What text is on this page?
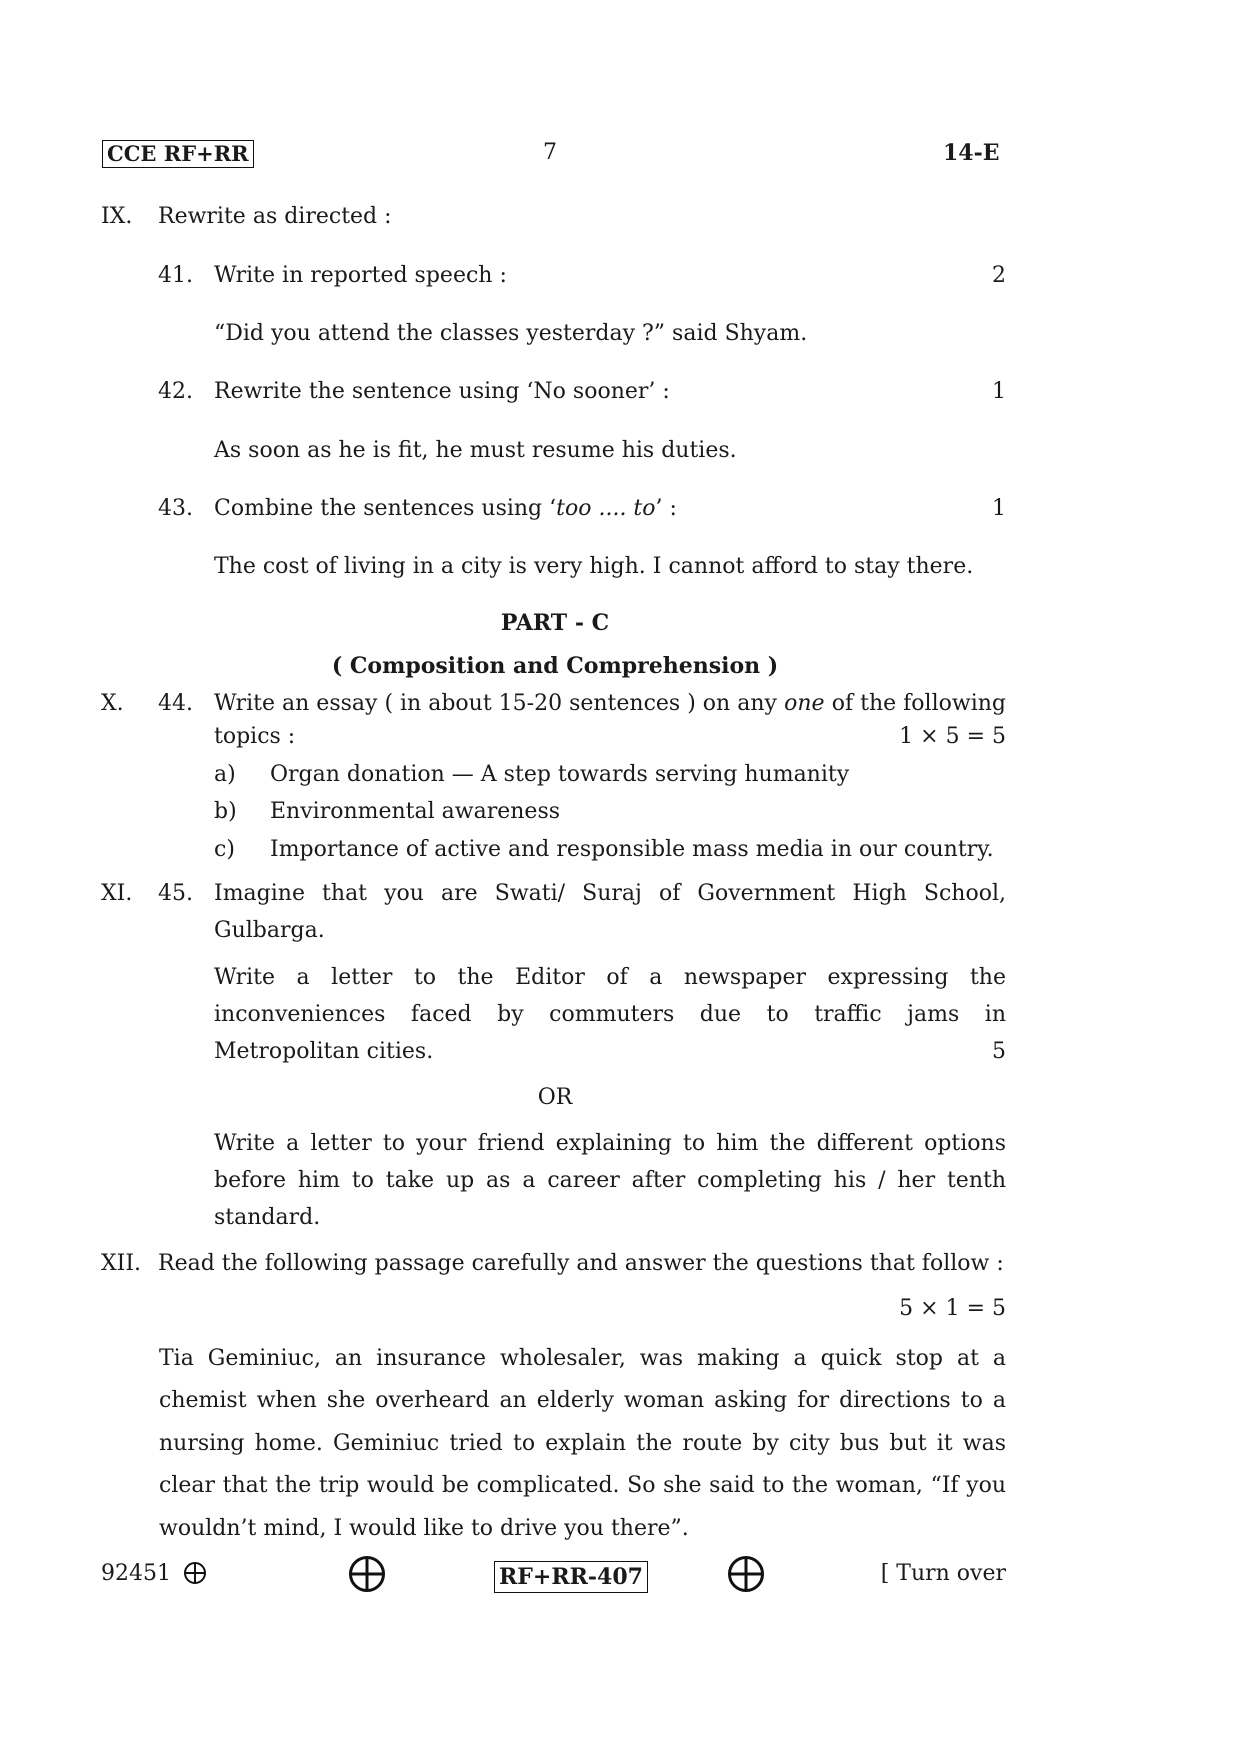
CCE RF+RR	7	14-E
IX. Rewrite as directed :
41. Write in reported speech :	2
“Did you attend the classes yesterday ?” said Shyam.
42. Rewrite the sentence using ‘No sooner’ :	1
As soon as he is fit, he must resume his duties.
43. Combine the sentences using ‘too .... to’ :	1
The cost of living in a city is very high. I cannot afford to stay there.
PART - C
( Composition and Comprehension )
X. 44. Write an essay ( in about 15-20 sentences ) on any one of the following
topics :	1 × 5 = 5
a) Organ donation — A step towards serving humanity
b) Environmental awareness
c) Importance of active and responsible mass media in our country.
XI. 45. Imagine that you are Swati/ Suraj of Government High School,
Gulbarga.
Write a letter to the Editor of a newspaper expressing the
inconveniences faced by commuters due to traffic jams in
Metropolitan cities.	5
OR
Write a letter to your friend explaining to him the different options
before him to take up as a career after completing his / her tenth
standard.
XII. Read the following passage carefully and answer the questions that follow :
5 × 1 = 5
Tia Geminiuc, an insurance wholesaler, was making a quick stop at a chemist when she overheard an elderly woman asking for directions to a nursing home. Geminiuc tried to explain the route by city bus but it was clear that the trip would be complicated. So she said to the woman, “If you wouldn’t mind, I would like to drive you there”.
92451	RF+RR-407	[ Turn over
